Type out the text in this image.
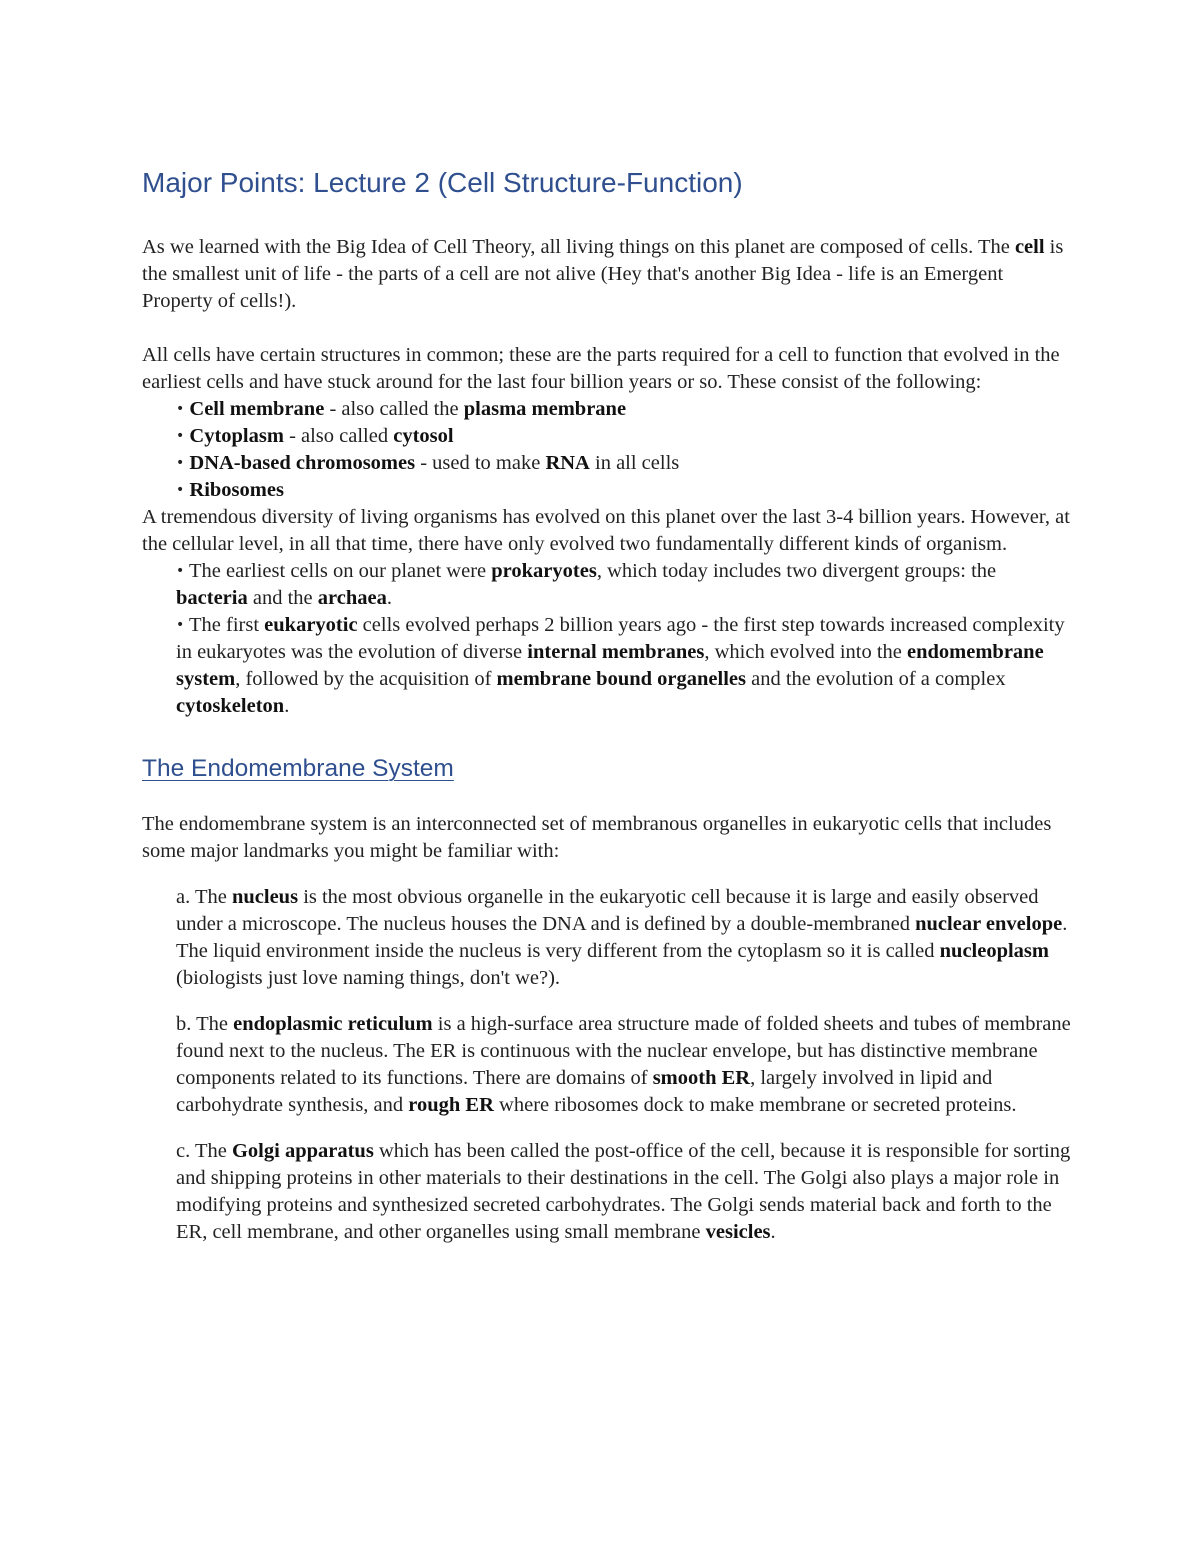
Major Points: Lecture 2 (Cell Structure-Function)

As we learned with the Big Idea of Cell Theory, all living things on this planet are composed of cells. The cell is the smallest unit of life - the parts of a cell are not alive (Hey that's another Big Idea - life is an Emergent Property of cells!).

All cells have certain structures in common; these are the parts required for a cell to function that evolved in the earliest cells and have stuck around for the last four billion years or so. These consist of the following:

• Cell membrane - also called the plasma membrane
• Cytoplasm - also called cytosol
• DNA-based chromosomes - used to make RNA in all cells
• Ribosomes

A tremendous diversity of living organisms has evolved on this planet over the last 3-4 billion years. However, at the cellular level, in all that time, there have only evolved two fundamentally different kinds of organism.

• The earliest cells on our planet were prokaryotes, which today includes two divergent groups: the bacteria and the archaea.

• The first eukaryotic cells evolved perhaps 2 billion years ago - the first step towards increased complexity in eukaryotes was the evolution of diverse internal membranes, which evolved into the endomembrane system, followed by the acquisition of membrane bound organelles and the evolution of a complex cytoskeleton.

The Endomembrane System

The endomembrane system is an interconnected set of membranous organelles in eukaryotic cells that includes some major landmarks you might be familiar with:

a. The nucleus is the most obvious organelle in the eukaryotic cell because it is large and easily observed under a microscope. The nucleus houses the DNA and is defined by a double-membraned nuclear envelope. The liquid environment inside the nucleus is very different from the cytoplasm so it is called nucleoplasm (biologists just love naming things, don't we?).

b. The endoplasmic reticulum is a high-surface area structure made of folded sheets and tubes of membrane found next to the nucleus. The ER is continuous with the nuclear envelope, but has distinctive membrane components related to its functions. There are domains of smooth ER, largely involved in lipid and carbohydrate synthesis, and rough ER where ribosomes dock to make membrane or secreted proteins.

c. The Golgi apparatus which has been called the post-office of the cell, because it is responsible for sorting and shipping proteins in other materials to their destinations in the cell. The Golgi also plays a major role in modifying proteins and synthesized secreted carbohydrates. The Golgi sends material back and forth to the ER, cell membrane, and other organelles using small membrane vesicles.
